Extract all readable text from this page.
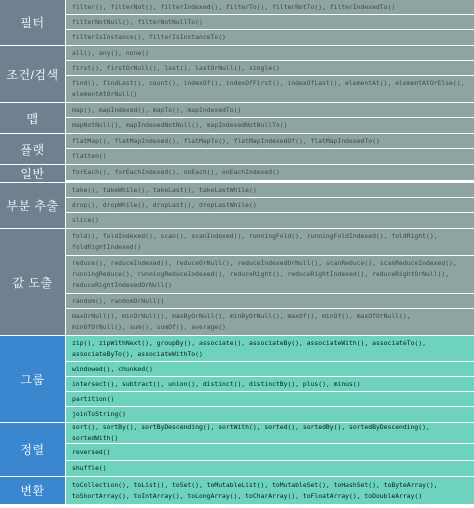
필터
filter(), filterNot(), filterIndexed(), filterTo(), filterNotTo(), filterIndexedTo()
filterNotNull(), filterNotNullTo()
filterIsInstance(), filterIsInstanceTo()
조건/검색
all(), any(), none()
first(), firstOrNull(), last(), lastOrNull(), single()
find(), findLast(), count(), indexOf(), indexOfFirst(), indexOfLast(), elementAt(), elementAtOrElse(), elementAtOrNull()
맵
map(), mapIndexed(), mapTo(), mapIndexedTo()
mapNotNull(), mapIndexedNotNull(), mapIndexedNotNullTo()
플랫
flatMap(), flatMapIndexed(), flatMapTo(), flatMapIndexedOf(), flatMapIndexedTo()
flatten()
일반	forEach(), forEachIndexed(), onEach(), onEachIndexed()
부분 추출
take(), takeWhile(), takeLast(), takeLastWhile()
drop(), dropWhile(), dropLast(), dropLastWhile()
slice()
값 도출
fold(), foldIndexed(), scan(), scanIndexed(), runningFold(), runningFoldIndexed(), foldRight(), foldRightIndexed()
reduce(), reduceIndexed(), reduceOrNull(), reduceIndexedOrNull(), scanReduce(), scanReduceIndexed(), runningReduce(), runningReduceIndexed(), reduceRight(), reduceRightIndexed(), reduceRightOrNull(), reduceRightIndexedOrNull()
random(), randomOrNull()
maxOrNull(), minOrNull(), maxByOrNull(), minByOrNull(), maxOf(), minOf(), maxOfOrNull(), minOfOrNull(), sum(), sumOf(), average()
그룹
zip(), zipWithNext(), groupBy(), associate(), associateBy(), associateWith(), associateTo(), associateByTo(), associateWithTo()
windowed(), chunked()
intersect(), subtract(), union(), distinct(), distinctBy(), plus(), minus()
partition()
joinToString()
정렬
sort(), sortBy(), sortByDescending(), sortWith(), sorted(), sortedBy(), sortedByDescending(), sortedWith()
reversed()
shuffle()
변환	toCollection(), toList(), toSet(), toMutableList(), toMutableSet(), toHashSet(), toByteArray(), toShortArray(), toIntArray(), toLongArray(), toCharArray(), toFloatArray(), toDoubleArray()
